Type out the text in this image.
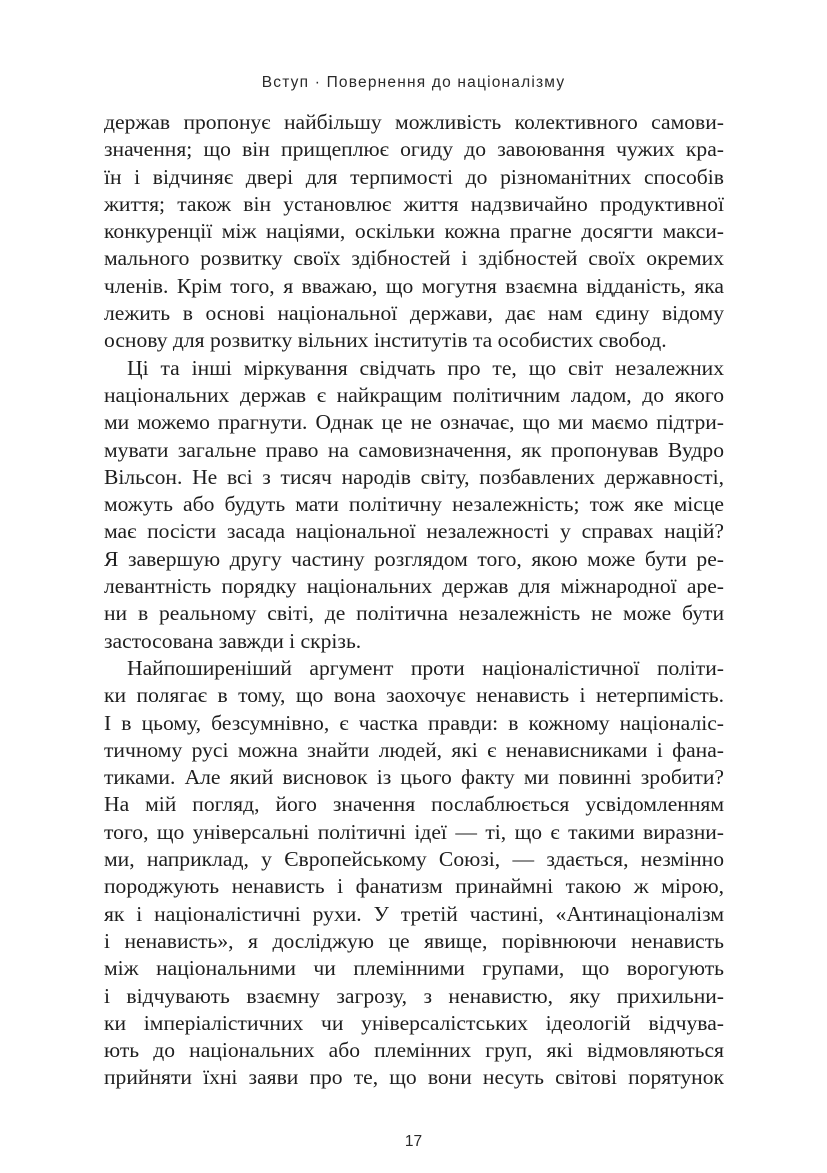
Вступ · Повернення до націоналізму
держав пропонує найбільшу можливість колективного самови-
значення; що він прищеплює огиду до завоювання чужих кра-
їн і відчиняє двері для терпимості до різноманітних способів
життя; також він установлює життя надзвичайно продуктивної
конкуренції між націями, оскільки кожна прагне досягти макси-
мального розвитку своїх здібностей і здібностей своїх окремих
членів. Крім того, я вважаю, що могутня взаємна відданість, яка
лежить в основі національної держави, дає нам єдину відому
основу для розвитку вільних інститутів та особистих свобод.
Ці та інші міркування свідчать про те, що світ незалежних
національних держав є найкращим політичним ладом, до якого
ми можемо прагнути. Однак це не означає, що ми маємо підтри-
мувати загальне право на самовизначення, як пропонував Вудро
Вільсон. Не всі з тисяч народів світу, позбавлених державності,
можуть або будуть мати політичну незалежність; тож яке місце
має посісти засада національної незалежності у справах націй?
Я завершую другу частину розглядом того, якою може бути ре-
левантність порядку національних держав для міжнародної аре-
ни в реальному світі, де політична незалежність не може бути
застосована завжди і скрізь.
Найпоширеніший аргумент проти націоналістичної політи-
ки полягає в тому, що вона заохочує ненависть і нетерпимість.
І в цьому, безсумнівно, є частка правди: в кожному націоналіс-
тичному русі можна знайти людей, які є ненависниками і фана-
тиками. Але який висновок із цього факту ми повинні зробити?
На мій погляд, його значення послаблюється усвідомленням
того, що універсальні політичні ідеї — ті, що є такими виразни-
ми, наприклад, у Європейському Союзі, — здається, незмінно
породжують ненависть і фанатизм принаймні такою ж мірою,
як і націоналістичні рухи. У третій частині, «Антинаціоналізм
і ненависть», я досліджую це явище, порівнюючи ненависть
між національними чи племінними групами, що ворогують
і відчувають взаємну загрозу, з ненавистю, яку прихильни-
ки імперіалістичних чи універсалістських ідеологій відчува-
ють до національних або племінних груп, які відмовляються
прийняти їхні заяви про те, що вони несуть світові порятунок
17
